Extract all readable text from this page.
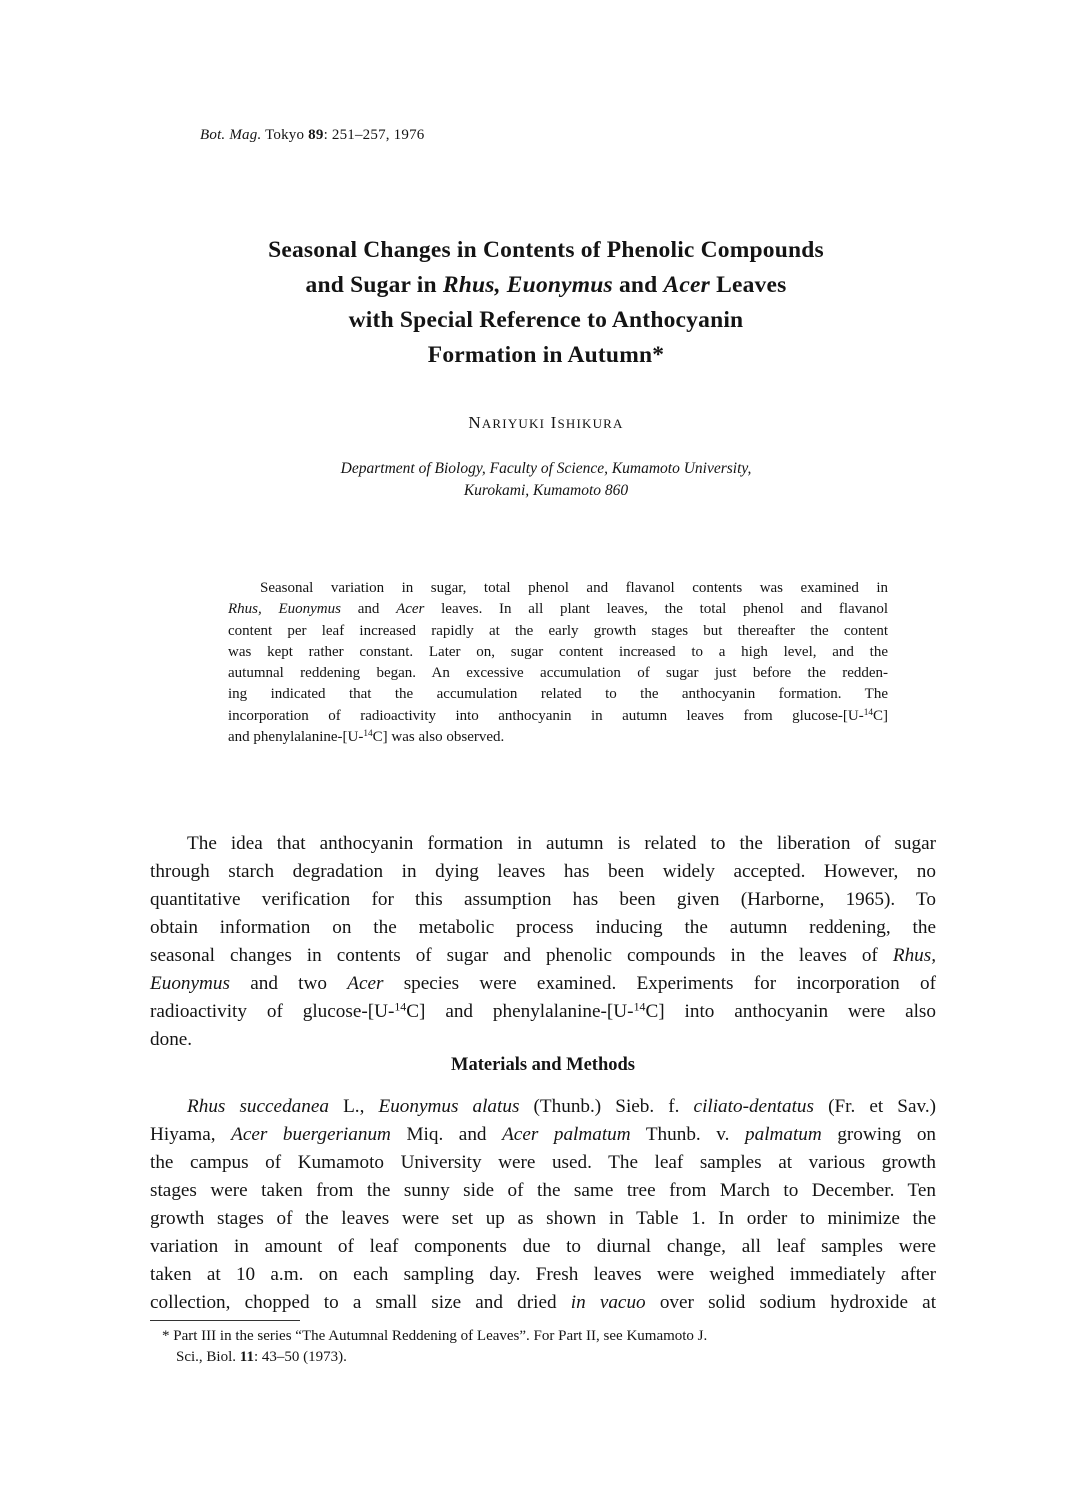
Bot. Mag. Tokyo 89: 251–257, 1976
Seasonal Changes in Contents of Phenolic Compounds
and Sugar in Rhus, Euonymus and Acer Leaves
with Special Reference to Anthocyanin
Formation in Autumn*
NARIYUKI ISHIKURA
Department of Biology, Faculty of Science, Kumamoto University,
Kurokami, Kumamoto 860
Seasonal variation in sugar, total phenol and flavanol contents was examined in
Rhus, Euonymus and Acer leaves. In all plant leaves, the total phenol and flavanol
content per leaf increased rapidly at the early growth stages but thereafter the content
was kept rather constant. Later on, sugar content increased to a high level, and the
autumnal reddening began. An excessive accumulation of sugar just before the redden-
ing indicated that the accumulation related to the anthocyanin formation. The
incorporation of radioactivity into anthocyanin in autumn leaves from glucose-[U-$^{14}$C]
and phenylalanine-[U-$^{14}$C] was also observed.
The idea that anthocyanin formation in autumn is related to the liberation of sugar
through starch degradation in dying leaves has been widely accepted. However, no
quantitative verification for this assumption has been given (Harborne, 1965). To
obtain information on the metabolic process inducing the autumn reddening, the
seasonal changes in contents of sugar and phenolic compounds in the leaves of Rhus,
Euonymus and two Acer species were examined. Experiments for incorporation of
radioactivity of glucose-[U-$^{14}$C] and phenylalanine-[U-$^{14}$C] into anthocyanin were also
done.
Materials and Methods
Rhus succedanea L., Euonymus alatus (Thunb.) Sieb. f. ciliato-dentatus (Fr. et Sav.)
Hiyama, Acer buergerianum Miq. and Acer palmatum Thunb. v. palmatum growing on
the campus of Kumamoto University were used. The leaf samples at various growth
stages were taken from the sunny side of the same tree from March to December. Ten
growth stages of the leaves were set up as shown in Table 1. In order to minimize the
variation in amount of leaf components due to diurnal change, all leaf samples were
taken at 10 a.m. on each sampling day. Fresh leaves were weighed immediately after
collection, chopped to a small size and dried in vacuo over solid sodium hydroxide at
* Part III in the series “The Autumnal Reddening of Leaves”. For Part II, see Kumamoto J.
Sci., Biol. 11: 43–50 (1973).
